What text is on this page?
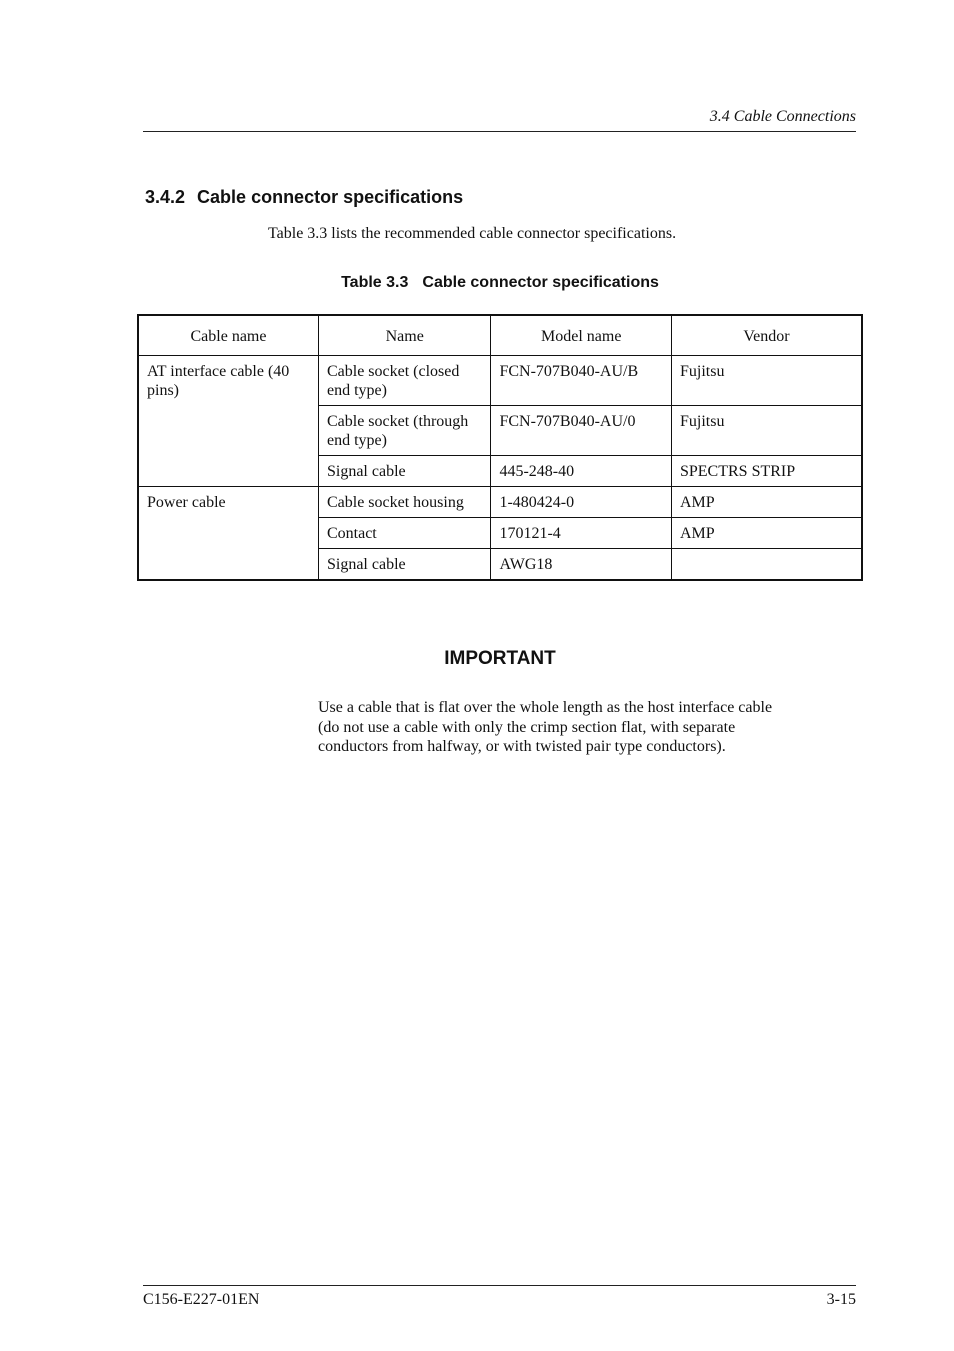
3.4 Cable Connections
3.4.2 Cable connector specifications

Table 3.3 lists the recommended cable connector specifications.

Table 3.3 Cable connector specifications

Cable name	Name	Model name	Vendor
AT interface cable (40 pins)	Cable socket (closed end type)	FCN-707B040-AU/B	Fujitsu
	Cable socket (through end type)	FCN-707B040-AU/0	Fujitsu
	Signal cable	445-248-40	SPECTRS STRIP
Power cable	Cable socket housing	1-480424-0	AMP
	Contact	170121-4	AMP
	Signal cable	AWG18	
IMPORTANT

Use a cable that is flat over the whole length as the host interface cable (do not use a cable with only the crimp section flat, with separate conductors from halfway, or with twisted pair type conductors).

C156-E227-01EN	3-15
